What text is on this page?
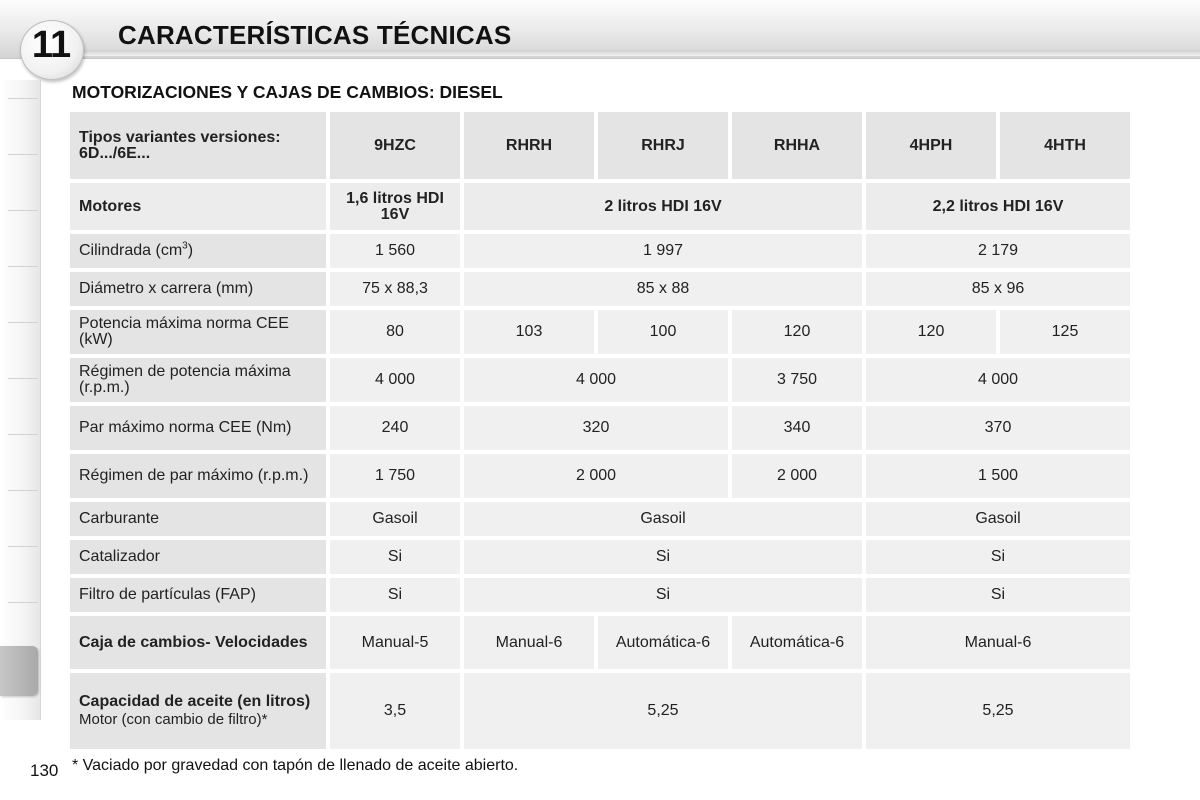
11	CARACTERÍSTICAS TÉCNICAS
MOTORIZACIONES Y CAJAS DE CAMBIOS: DIESEL
Tipos variantes versiones: 6D.../6E...	9HZC	RHRH	RHRJ	RHHA	4HPH	4HTH
Motores	1,6 litros HDI 16V	2 litros HDI 16V			2,2 litros HDI 16V	
Cilindrada $(cm^3)$	1 560	1 997			2 179	
Diámetro x carrera (mm)	75 x 88,3	85 x 88			85 x 96	
Potencia máxima norma CEE (kW)	80	103	100	120	120	125
Régimen de potencia máxima (r.p.m.)	4 000	4 000		3 750	4 000	
Par máximo norma CEE (Nm)	240	320		340	370	
Régimen de par máximo (r.p.m.)	1 750	2 000		2 000	1 500	
Carburante	Gasoil	Gasoil			Gasoil	
Catalizador	Si	Si			Si	
Filtro de partículas (FAP)	Si	Si			Si	
Caja de cambios- Velocidades	Manual-5	Manual-6	Automática-6	Automática-6	Manual-6	

Capacidad de aceite (en litros)
Motor (con cambio de filtro)*	3,5	5,25			5,25	
130 * Vaciado por gravedad con tapón de llenado de aceite abierto.
